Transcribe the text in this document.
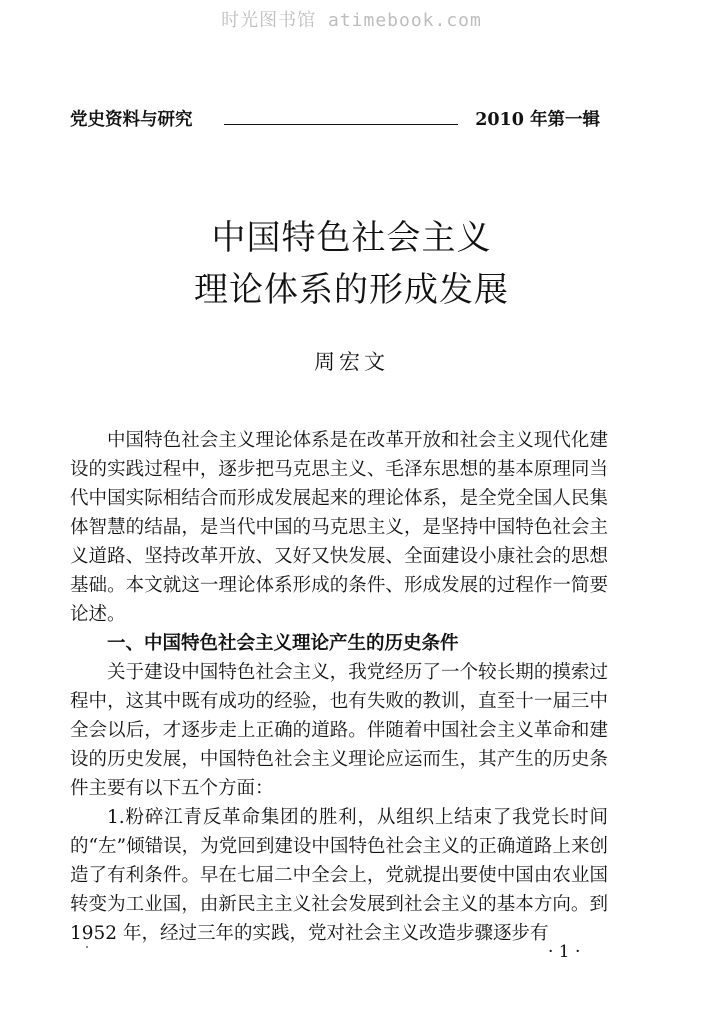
时光图书馆 atimebook.com
党史资料与研究	2010 年第一辑
中国特色社会主义
理论体系的形成发展
周宏文

中国特色社会主义理论体系是在改革开放和社会主义现代化建设的实践过程中，逐步把马克思主义、毛泽东思想的基本原理同当代中国实际相结合而形成发展起来的理论体系，是全党全国人民集体智慧的结晶，是当代中国的马克思主义，是坚持中国特色社会主义道路、坚持改革开放、又好又快发展、全面建设小康社会的思想基础。本文就这一理论体系形成的条件、形成发展的过程作一简要论述。

一、中国特色社会主义理论产生的历史条件

关于建设中国特色社会主义，我党经历了一个较长期的摸索过程中，这其中既有成功的经验，也有失败的教训，直至十一届三中全会以后，才逐步走上正确的道路。伴随着中国社会主义革命和建设的历史发展，中国特色社会主义理论应运而生，其产生的历史条件主要有以下五个方面：

1.粉碎江青反革命集团的胜利，从组织上结束了我党长时间的“左”倾错误，为党回到建设中国特色社会主义的正确道路上来创造了有利条件。早在七届二中全会上，党就提出要使中国由农业国转变为工业国，由新民主主义社会发展到社会主义的基本方向。到1952 年，经过三年的实践，党对社会主义改造步骤逐步有

· 1 ·
